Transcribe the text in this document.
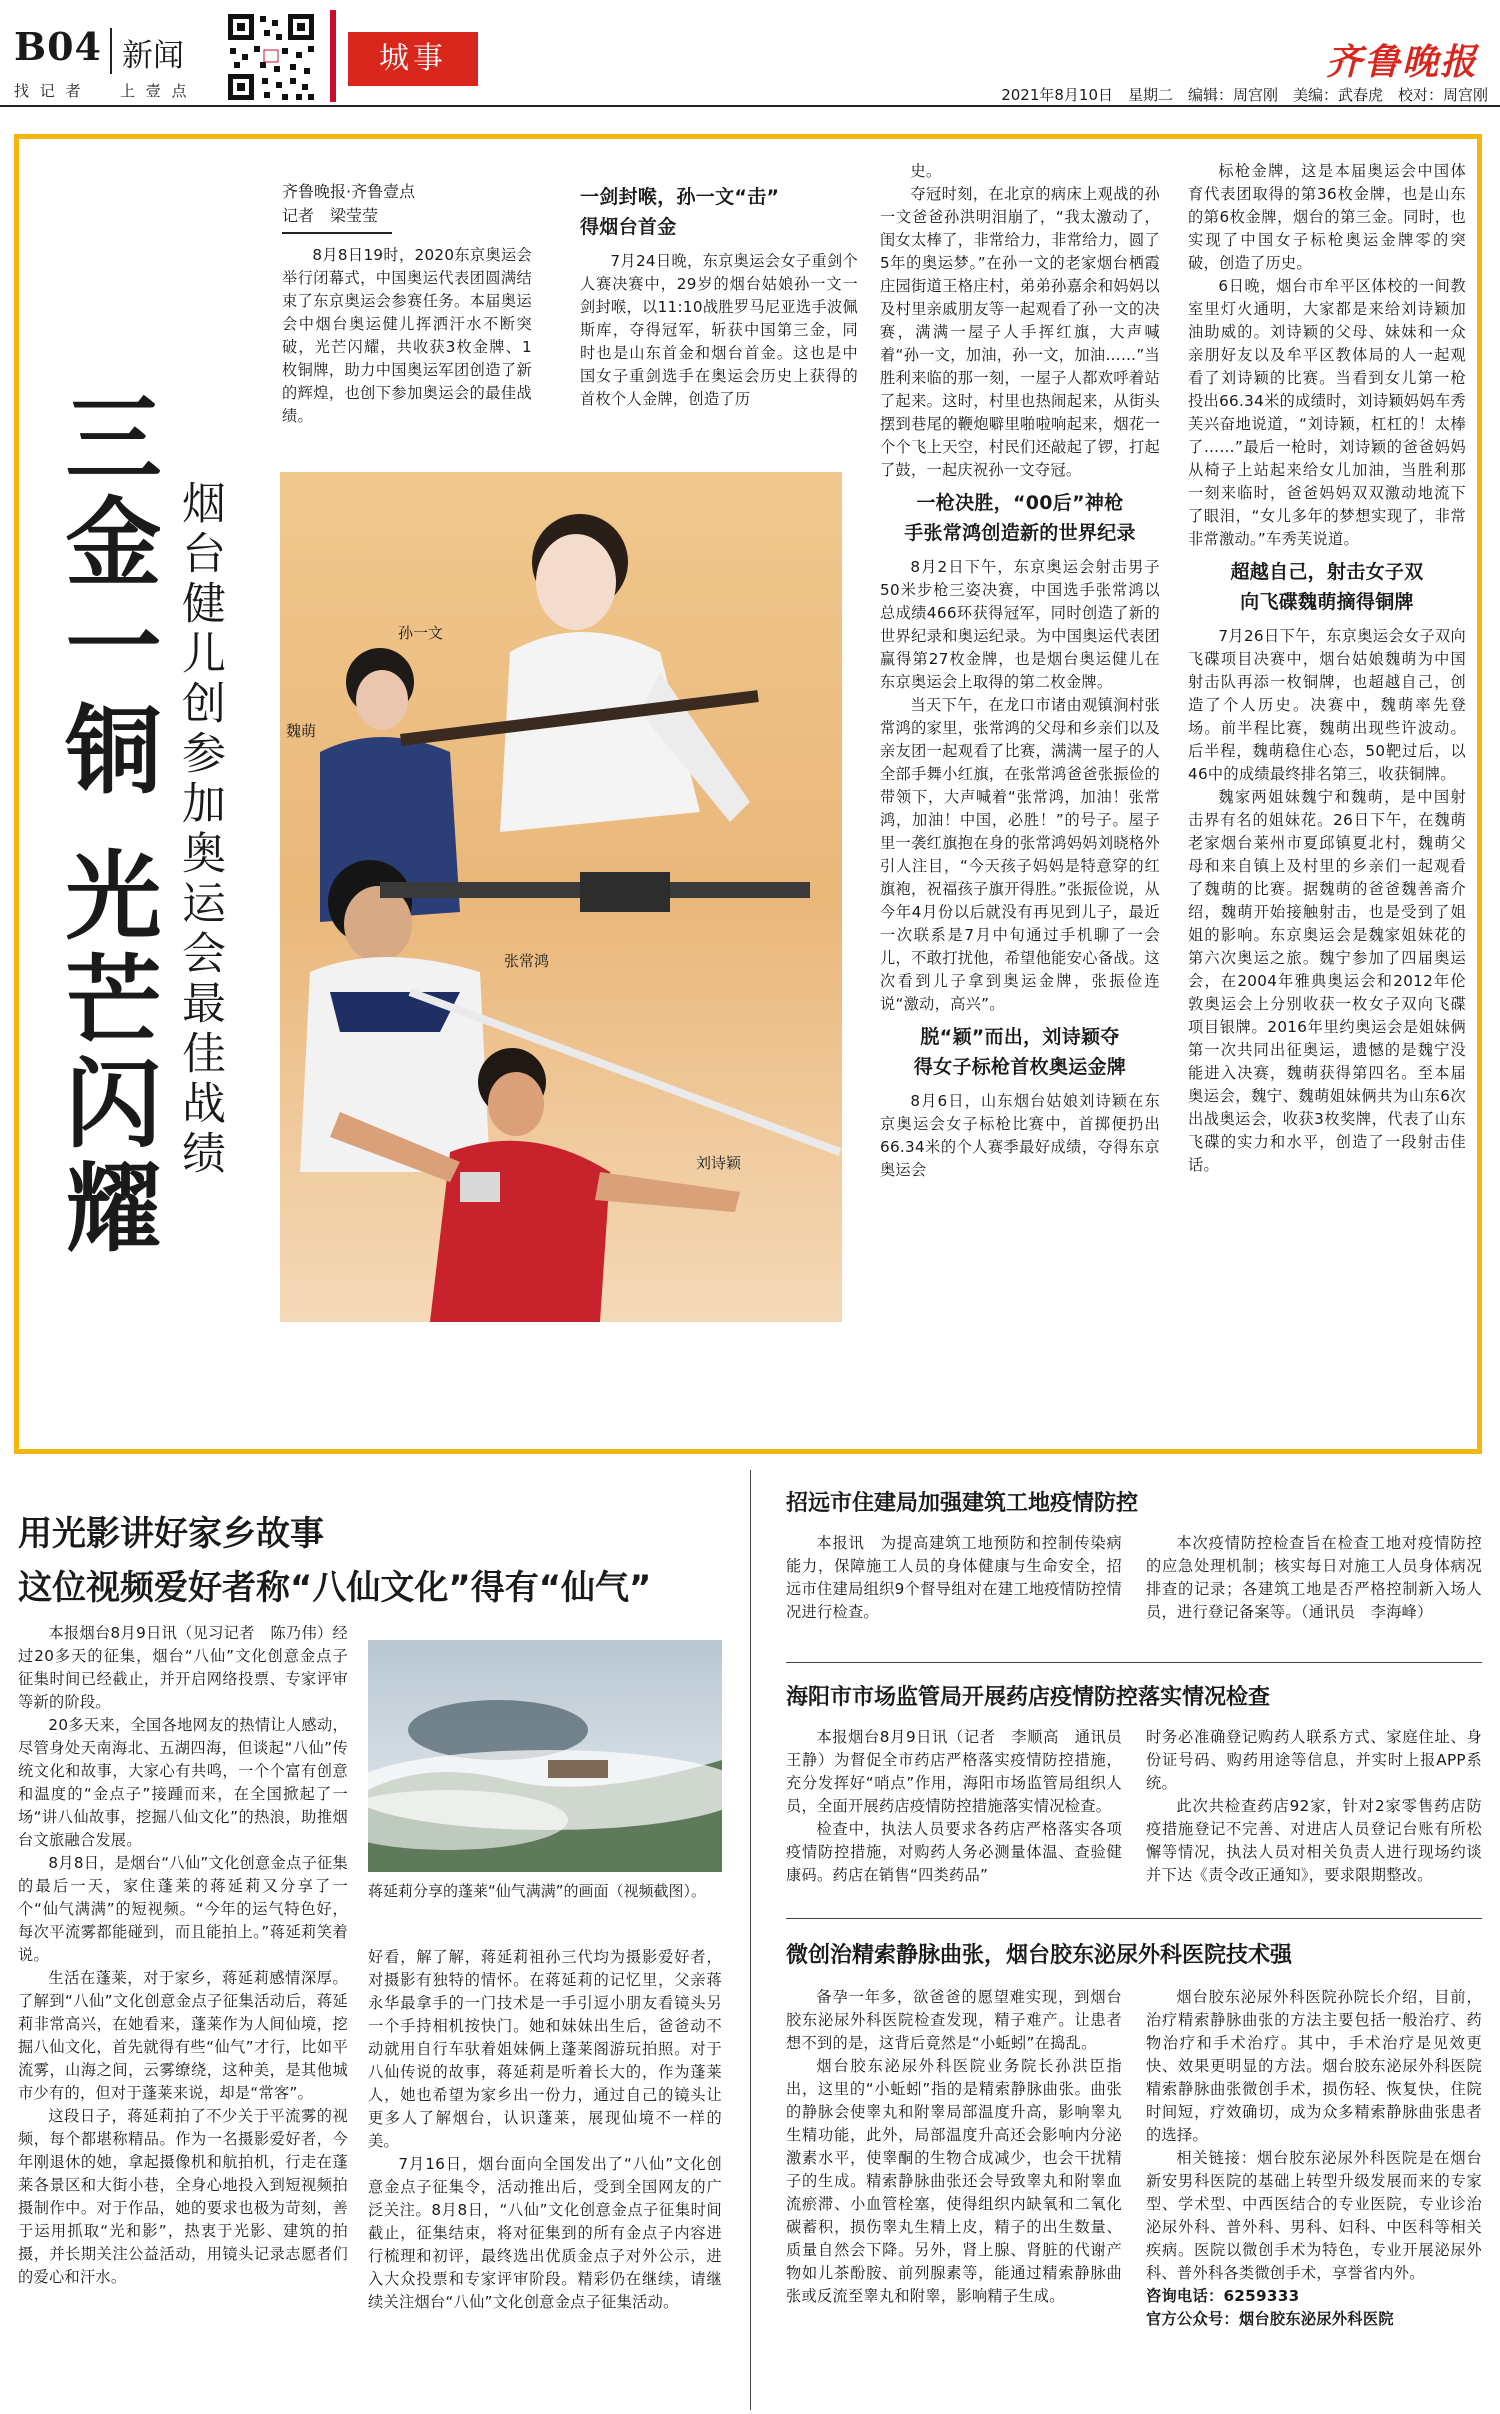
B04 新闻
找 记 者 上 壹 点
城事	齐鲁晚报
2021年8月10日　星期二　编辑：周宫刚　美编：武春虎　校对：周宫刚
三金一铜 光芒闪耀 烟台健儿创参加奥运会最佳战绩
齐鲁晚报·齐鲁壹点
记者　梁莹莹

8月8日19时，2020东京奥运会举行闭幕式，中国奥运代表团圆满结束了东京奥运会参赛任务。本届奥运会中烟台奥运健儿挥洒汗水不断突破，光芒闪耀，共收获3枚金牌、1枚铜牌，助力中国奥运军团创造了新的辉煌，也创下参加奥运会的最佳战绩。

孙一文
魏萌
张常鸿
刘诗颖
一剑封喉，孙一文“击”
得烟台首金

7月24日晚，东京奥运会女子重剑个人赛决赛中，29岁的烟台姑娘孙一文一剑封喉，以11:10战胜罗马尼亚选手波佩斯库，夺得冠军，斩获中国第三金，同时也是山东首金和烟台首金。这也是中国女子重剑选手在奥运会历史上获得的首枚个人金牌，创造了历

史。

夺冠时刻，在北京的病床上观战的孙一文爸爸孙洪明泪崩了，“我太激动了，闺女太棒了，非常给力，非常给力，圆了5年的奥运梦。”在孙一文的老家烟台栖霞庄园街道王格庄村，弟弟孙嘉余和妈妈以及村里亲戚朋友等一起观看了孙一文的决赛，满满一屋子人手挥红旗，大声喊着“孙一文，加油，孙一文，加油……”当胜利来临的那一刻，一屋子人都欢呼着站了起来。这时，村里也热闹起来，从街头摆到巷尾的鞭炮噼里啪啦响起来，烟花一个个飞上天空，村民们还敲起了锣，打起了鼓，一起庆祝孙一文夺冠。

一枪决胜，“00后”神枪
手张常鸿创造新的世界纪录

8月2日下午，东京奥运会射击男子50米步枪三姿决赛，中国选手张常鸿以总成绩466环获得冠军，同时创造了新的世界纪录和奥运纪录。为中国奥运代表团赢得第27枚金牌，也是烟台奥运健儿在东京奥运会上取得的第二枚金牌。

当天下午，在龙口市诸由观镇涧村张常鸿的家里，张常鸿的父母和乡亲们以及亲友团一起观看了比赛，满满一屋子的人全部手舞小红旗，在张常鸿爸爸张振俭的带领下，大声喊着“张常鸿，加油！张常鸿，加油！中国，必胜！”的号子。屋子里一袭红旗抱在身的张常鸿妈妈刘晓格外引人注目，“今天孩子妈妈是特意穿的红旗袍，祝福孩子旗开得胜。”张振俭说，从今年4月份以后就没有再见到儿子，最近一次联系是7月中旬通过手机聊了一会儿，不敢打扰他，希望他能安心备战。这次看到儿子拿到奥运金牌，张振俭连说“激动，高兴”。

脱“颖”而出，刘诗颖夺
得女子标枪首枚奥运金牌

8月6日，山东烟台姑娘刘诗颖在东京奥运会女子标枪比赛中，首掷便扔出66.34米的个人赛季最好成绩，夺得东京奥运会

标枪金牌，这是本届奥运会中国体育代表团取得的第36枚金牌，也是山东的第6枚金牌，烟台的第三金。同时，也实现了中国女子标枪奥运金牌零的突破，创造了历史。

6日晚，烟台市牟平区体校的一间教室里灯火通明，大家都是来给刘诗颖加油助威的。刘诗颖的父母、妹妹和一众亲朋好友以及牟平区教体局的人一起观看了刘诗颖的比赛。当看到女儿第一枪投出66.34米的成绩时，刘诗颖妈妈车秀芙兴奋地说道，“刘诗颖，杠杠的！太棒了……”最后一枪时，刘诗颖的爸爸妈妈从椅子上站起来给女儿加油，当胜利那一刻来临时，爸爸妈妈双双激动地流下了眼泪，“女儿多年的梦想实现了，非常非常激动。”车秀芙说道。

超越自己，射击女子双
向飞碟魏萌摘得铜牌

7月26日下午，东京奥运会女子双向飞碟项目决赛中，烟台姑娘魏萌为中国射击队再添一枚铜牌，也超越自己，创造了个人历史。决赛中，魏萌率先登场。前半程比赛，魏萌出现些许波动。后半程，魏萌稳住心态，50靶过后，以46中的成绩最终排名第三，收获铜牌。

魏家两姐妹魏宁和魏萌，是中国射击界有名的姐妹花。26日下午，在魏萌老家烟台莱州市夏邱镇夏北村，魏萌父母和来自镇上及村里的乡亲们一起观看了魏萌的比赛。据魏萌的爸爸魏善斋介绍，魏萌开始接触射击，也是受到了姐姐的影响。东京奥运会是魏家姐妹花的第六次奥运之旅。魏宁参加了四届奥运会，在2004年雅典奥运会和2012年伦敦奥运会上分别收获一枚女子双向飞碟项目银牌。2016年里约奥运会是姐妹俩第一次共同出征奥运，遗憾的是魏宁没能进入决赛，魏萌获得第四名。至本届奥运会，魏宁、魏萌姐妹俩共为山东6次出战奥运会，收获3枚奖牌，代表了山东飞碟的实力和水平，创造了一段射击佳话。

用光影讲好家乡故事
这位视频爱好者称“八仙文化”得有“仙气”

本报烟台8月9日讯（见习记者　陈乃伟）经过20多天的征集，烟台“八仙”文化创意金点子征集时间已经截止，并开启网络投票、专家评审等新的阶段。

20多天来，全国各地网友的热情让人感动，尽管身处天南海北、五湖四海，但谈起“八仙”传统文化和故事，大家心有共鸣，一个个富有创意和温度的“金点子”接踵而来，在全国掀起了一场“讲八仙故事，挖掘八仙文化”的热浪，助推烟台文旅融合发展。

8月8日，是烟台“八仙”文化创意金点子征集的最后一天，家住蓬莱的蒋延莉又分享了一个“仙气满满”的短视频。“今年的运气特色好，每次平流雾都能碰到，而且能拍上。”蒋延莉笑着说。

生活在蓬莱，对于家乡，蒋延莉感情深厚。了解到“八仙”文化创意金点子征集活动后，蒋延莉非常高兴，在她看来，蓬莱作为人间仙境，挖掘八仙文化，首先就得有些“仙气”才行，比如平流雾，山海之间，云雾缭绕，这种美，是其他城市少有的，但对于蓬莱来说，却是“常客”。

这段日子，蒋延莉拍了不少关于平流雾的视频，每个都堪称精品。作为一名摄影爱好者，今年刚退休的她，拿起摄像机和航拍机，行走在蓬莱各景区和大街小巷，全身心地投入到短视频拍摄制作中。对于作品，她的要求也极为苛刻，善于运用抓取“光和影”，热衷于光影、建筑的拍摄，并长期关注公益活动，用镜头记录志愿者们的爱心和汗水。

蒋延莉分享的蓬莱“仙气满满”的画面（视频截图）。

好看，解了解，蒋延莉祖孙三代均为摄影爱好者，对摄影有独特的情怀。在蒋延莉的记忆里，父亲蒋永华最拿手的一门技术是一手引逗小朋友看镜头另一个手持相机按快门。她和妹妹出生后，爸爸动不动就用自行车驮着姐妹俩上蓬莱阁游玩拍照。对于八仙传说的故事，蒋延莉是听着长大的，作为蓬莱人，她也希望为家乡出一份力，通过自己的镜头让更多人了解烟台，认识蓬莱，展现仙境不一样的美。

7月16日，烟台面向全国发出了“八仙”文化创意金点子征集令，活动推出后，受到全国网友的广泛关注。8月8日，“八仙”文化创意金点子征集时间截止，征集结束，将对征集到的所有金点子内容进行梳理和初评，最终选出优质金点子对外公示，进入大众投票和专家评审阶段。精彩仍在继续，请继续关注烟台“八仙”文化创意金点子征集活动。

招远市住建局加强建筑工地疫情防控

本报讯　为提高建筑工地预防和控制传染病能力，保障施工人员的身体健康与生命安全，招远市住建局组织9个督导组对在建工地疫情防控情况进行检查。

本次疫情防控检查旨在检查工地对疫情防控的应急处理机制；核实每日对施工人员身体病况排查的记录；各建筑工地是否严格控制新入场人员，进行登记备案等。（通讯员　李海峰）

海阳市市场监管局开展药店疫情防控落实情况检查

本报烟台8月9日讯（记者　李顺高　通讯员　王静）为督促全市药店严格落实疫情防控措施，充分发挥好“哨点”作用，海阳市场监管局组织人员，全面开展药店疫情防控措施落实情况检查。

检查中，执法人员要求各药店严格落实各项疫情防控措施，对购药人务必测量体温、查验健康码。药店在销售“四类药品”

时务必准确登记购药人联系方式、家庭住址、身份证号码、购药用途等信息，并实时上报APP系统。

此次共检查药店92家，针对2家零售药店防疫措施登记不完善、对进店人员登记台账有所松懈等情况，执法人员对相关负责人进行现场约谈并下达《责令改正通知》，要求限期整改。

微创治精索静脉曲张，烟台胶东泌尿外科医院技术强

备孕一年多，欲爸爸的愿望难实现，到烟台胶东泌尿外科医院检查发现，精子难产。让患者想不到的是，这背后竟然是“小蚯蚓”在捣乱。

烟台胶东泌尿外科医院业务院长孙洪臣指出，这里的“小蚯蚓”指的是精索静脉曲张。曲张的静脉会使睾丸和附睾局部温度升高，影响睾丸生精功能，此外，局部温度升高还会影响内分泌激素水平，使睾酮的生物合成减少，也会干扰精子的生成。精索静脉曲张还会导致睾丸和附睾血流瘀滞、小血管栓塞，使得组织内缺氧和二氧化碳蓄积，损伤睾丸生精上皮，精子的出生数量、质量自然会下降。另外，肾上腺、肾脏的代谢产物如儿茶酚胺、前列腺素等，能通过精索静脉曲张或反流至睾丸和附睾，影响精子生成。

烟台胶东泌尿外科医院孙院长介绍，目前，治疗精索静脉曲张的方法主要包括一般治疗、药物治疗和手术治疗。其中，手术治疗是见效更快、效果更明显的方法。烟台胶东泌尿外科医院精索静脉曲张微创手术，损伤轻、恢复快，住院时间短，疗效确切，成为众多精索静脉曲张患者的选择。

相关链接：烟台胶东泌尿外科医院是在烟台新安男科医院的基础上转型升级发展而来的专家型、学术型、中西医结合的专业医院，专业诊治泌尿外科、普外科、男科、妇科、中医科等相关疾病。医院以微创手术为特色，专业开展泌尿外科、普外科各类微创手术，享誉省内外。

咨询电话：6259333
官方公众号：烟台胶东泌尿外科医院
